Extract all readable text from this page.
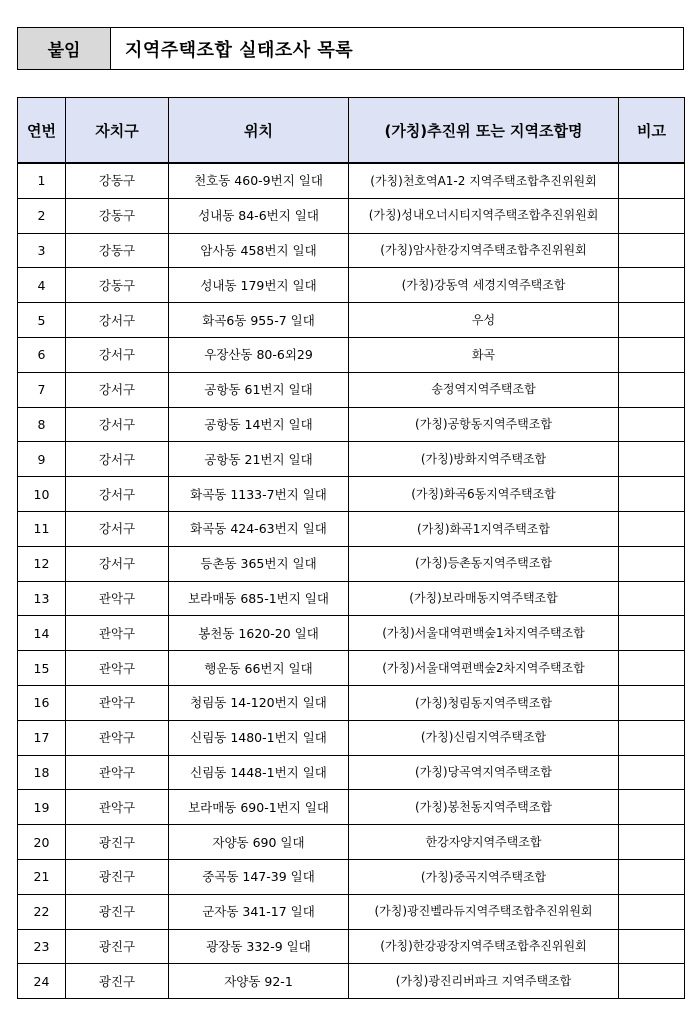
붙임	지역주택조합 실태조사 목록
연번	자치구	위치	(가칭)추진위 또는 지역조합명	비고
1	강동구	천호동 460-9번지 일대	(가칭)천호역A1-2 지역주택조합추진위원회	
2	강동구	성내동 84-6번지 일대	(가칭)성내오너시티지역주택조합추진위원회	
3	강동구	암사동 458번지 일대	(가칭)암사한강지역주택조합추진위원회	
4	강동구	성내동 179번지 일대	(가칭)강동역 세경지역주택조합	
5	강서구	화곡6동 955-7 일대	우성	
6	강서구	우장산동 80-6외29	화곡	
7	강서구	공항동 61번지 일대	송정역지역주택조합	
8	강서구	공항동 14번지 일대	(가칭)공항동지역주택조합	
9	강서구	공항동 21번지 일대	(가칭)방화지역주택조합	
10	강서구	화곡동 1133-7번지 일대	(가칭)화곡6동지역주택조합	
11	강서구	화곡동 424-63번지 일대	(가칭)화곡1지역주택조합	
12	강서구	등촌동 365번지 일대	(가칭)등촌동지역주택조합	
13	관악구	보라매동 685-1번지 일대	(가칭)보라매동지역주택조합	
14	관악구	봉천동 1620-20 일대	(가칭)서울대역편백숲1차지역주택조합	
15	관악구	행운동 66번지 일대	(가칭)서울대역편백숲2차지역주택조합	
16	관악구	청림동 14-120번지 일대	(가칭)청림동지역주택조합	
17	관악구	신림동 1480-1번지 일대	(가칭)신림지역주택조합	
18	관악구	신림동 1448-1번지 일대	(가칭)당곡역지역주택조합	
19	관악구	보라매동 690-1번지 일대	(가칭)봉천동지역주택조합	
20	광진구	자양동 690 일대	한강자양지역주택조합	
21	광진구	중곡동 147-39 일대	(가칭)중곡지역주택조합	
22	광진구	군자동 341-17 일대	(가칭)광진벨라듀지역주택조합추진위원회	
23	광진구	광장동 332-9 일대	(가칭)한강광장지역주택조합추진위원회	
24	광진구	자양동 92-1	(가칭)광진리버파크 지역주택조합	
